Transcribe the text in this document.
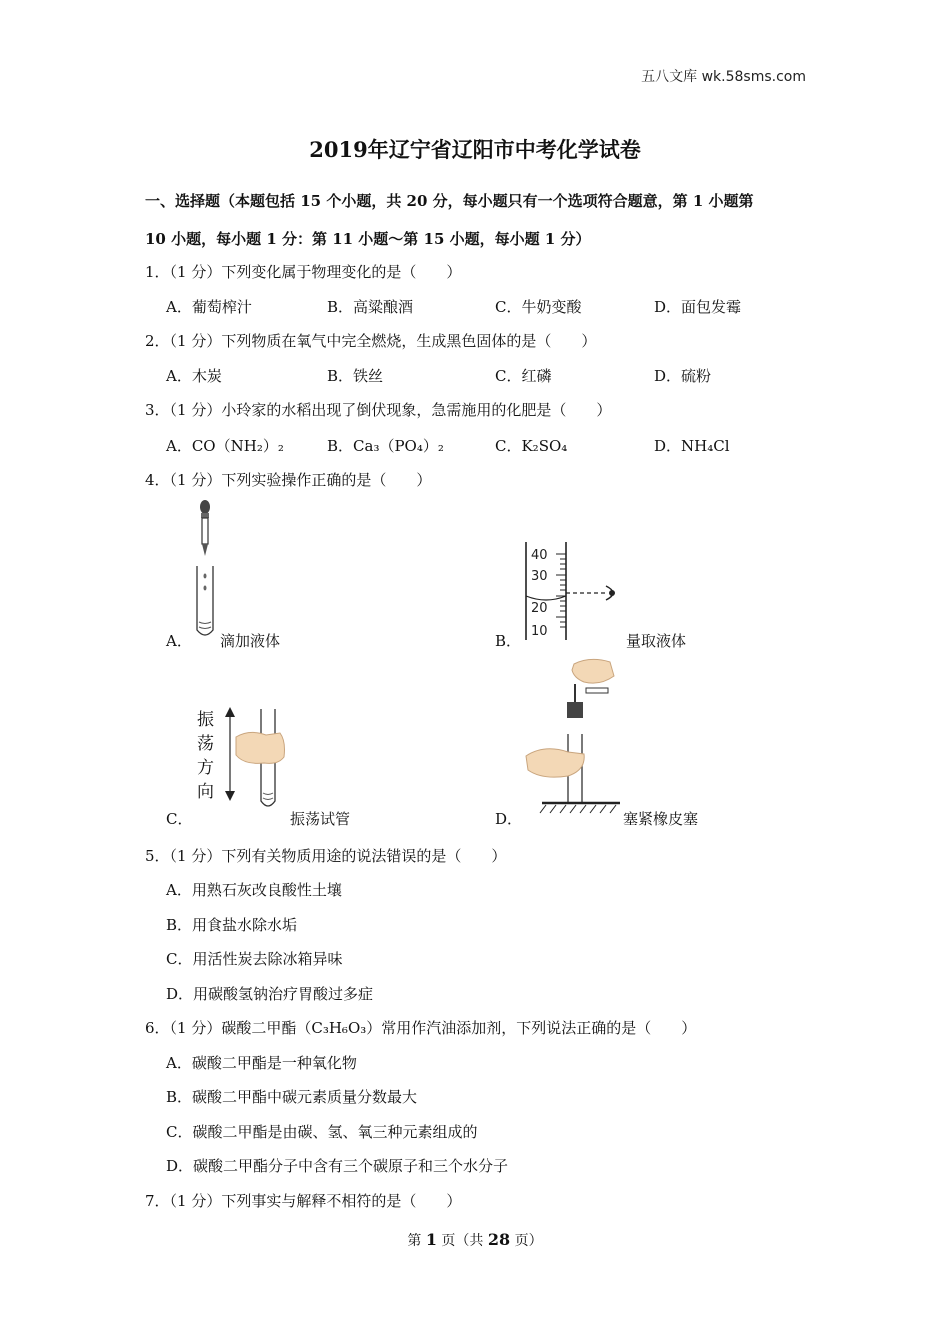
五八文库 wk.58sms.com
2019年辽宁省辽阳市中考化学试卷
一、选择题（本题包括 15 个小题，共 20 分，每小题只有一个选项符合题意，第 1 小题第
10 小题，每小题 1 分：第 11 小题～第 15 小题，每小题 1 分）
1．（1 分）下列变化属于物理变化的是（　　）
A．葡萄榨汁	B．高粱酿酒	C．牛奶变酸	D．面包发霉
2．（1 分）下列物质在氧气中完全燃烧，生成黑色固体的是（　　）
A．木炭	B．铁丝	C．红磷	D．硫粉
3．（1 分）小玲家的水稻出现了倒伏现象，急需施用的化肥是（　　）
A．CO（NH₂）₂	B．Ca₃（PO₄）₂	C．K₂SO₄	D．NH₄Cl
4．（1 分）下列实验操作正确的是（　　）
A． 滴加液体	B．
40
30
20
10
量取液体
C．
振
荡
方
向
振荡试管	D．	塞紧橡皮塞
5．（1 分）下列有关物质用途的说法错误的是（　　）
A．用熟石灰改良酸性土壤
B．用食盐水除水垢
C．用活性炭去除冰箱异味
D．用碳酸氢钠治疗胃酸过多症
6．（1 分）碳酸二甲酯（C₃H₆O₃）常用作汽油添加剂，下列说法正确的是（　　）
A．碳酸二甲酯是一种氧化物
B．碳酸二甲酯中碳元素质量分数最大
C．碳酸二甲酯是由碳、氢、氧三种元素组成的
D．碳酸二甲酯分子中含有三个碳原子和三个水分子
7．（1 分）下列事实与解释不相符的是（　　）
第 1 页（共 28 页）
